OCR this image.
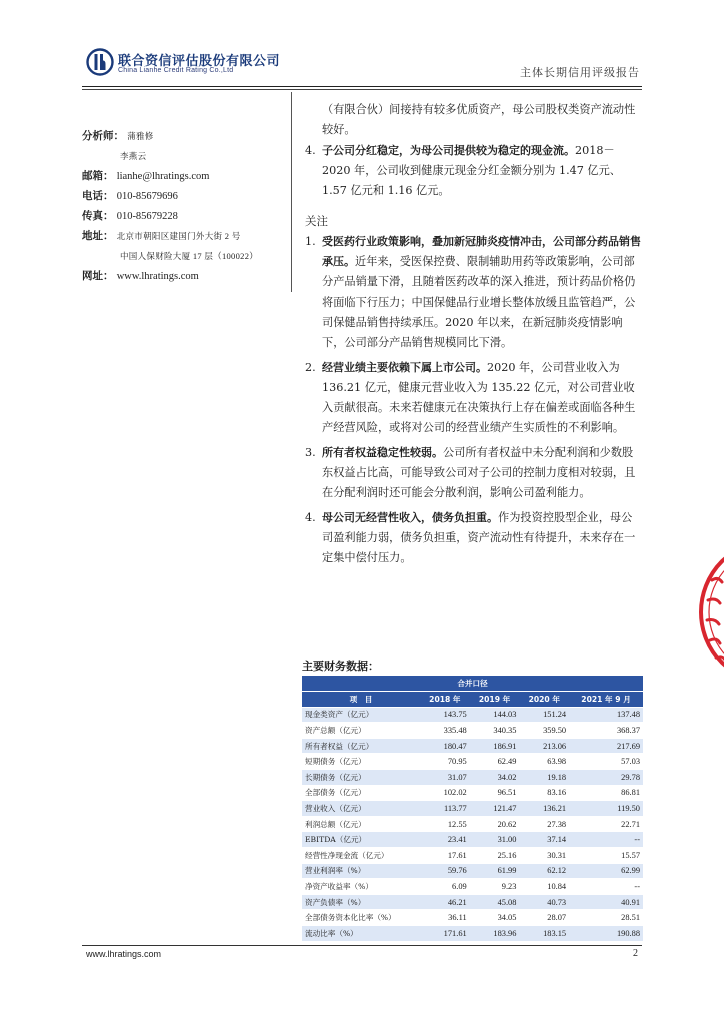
联合资信评估股份有限公司
China Lianhe Credit Rating Co.,Ltd	主体长期信用评级报告
分析师： 蒲雅修
李燕云
邮箱： lianhe@lhratings.com
电话： 010-85679696
传真： 010-85679228
地址： 北京市朝阳区建国门外大街 2 号
中国人保财险大厦 17 层（100022）
网址： www.lhratings.com
（有限合伙）间接持有较多优质资产，母公司股权类资产流动性较好。
4. 子公司分红稳定，为母公司提供较为稳定的现金流。2018－2020 年，公司收到健康元现金分红金额分别为 1.47 亿元、1.57 亿元和 1.16 亿元。
关注
1. 受医药行业政策影响，叠加新冠肺炎疫情冲击，公司部分药品销售承压。近年来，受医保控费、限制辅助用药等政策影响，公司部分产品销量下滑，且随着医药改革的深入推进，预计药品价格仍将面临下行压力；中国保健品行业增长整体放缓且监管趋严，公司保健品销售持续承压。2020 年以来，在新冠肺炎疫情影响下，公司部分产品销售规模同比下滑。
2. 经营业绩主要依赖下属上市公司。2020 年，公司营业收入为 136.21 亿元，健康元营业收入为 135.22 亿元，对公司营业收入贡献很高。未来若健康元在决策执行上存在偏差或面临各种生产经营风险，或将对公司的经营业绩产生实质性的不利影响。
3. 所有者权益稳定性较弱。公司所有者权益中未分配利润和少数股东权益占比高，可能导致公司对子公司的控制力度相对较弱，且在分配利润时还可能会分散利润，影响公司盈利能力。
4. 母公司无经营性收入，债务负担重。作为投资控股型企业，母公司盈利能力弱，债务负担重，资产流动性有待提升，未来存在一定集中偿付压力。
主要财务数据：
合并口径				
项　目	2018 年	2019 年	2020 年	2021 年 9 月
现金类资产（亿元）	143.75	144.03	151.24	137.48
资产总额（亿元）	335.48	340.35	359.50	368.37
所有者权益（亿元）	180.47	186.91	213.06	217.69
短期债务（亿元）	70.95	62.49	63.98	57.03
长期债务（亿元）	31.07	34.02	19.18	29.78
全部债务（亿元）	102.02	96.51	83.16	86.81
营业收入（亿元）	113.77	121.47	136.21	119.50
利润总额（亿元）	12.55	20.62	27.38	22.71
EBITDA（亿元）	23.41	31.00	37.14	--
经营性净现金流（亿元）	17.61	25.16	30.31	15.57
营业利润率（%）	59.76	61.99	62.12	62.99
净资产收益率（%）	6.09	9.23	10.84	--
资产负债率（%）	46.21	45.08	40.73	40.91
全部债务资本化比率（%）	36.11	34.05	28.07	28.51
流动比率（%）	171.61	183.96	183.15	190.88
www.lhratings.com	2
